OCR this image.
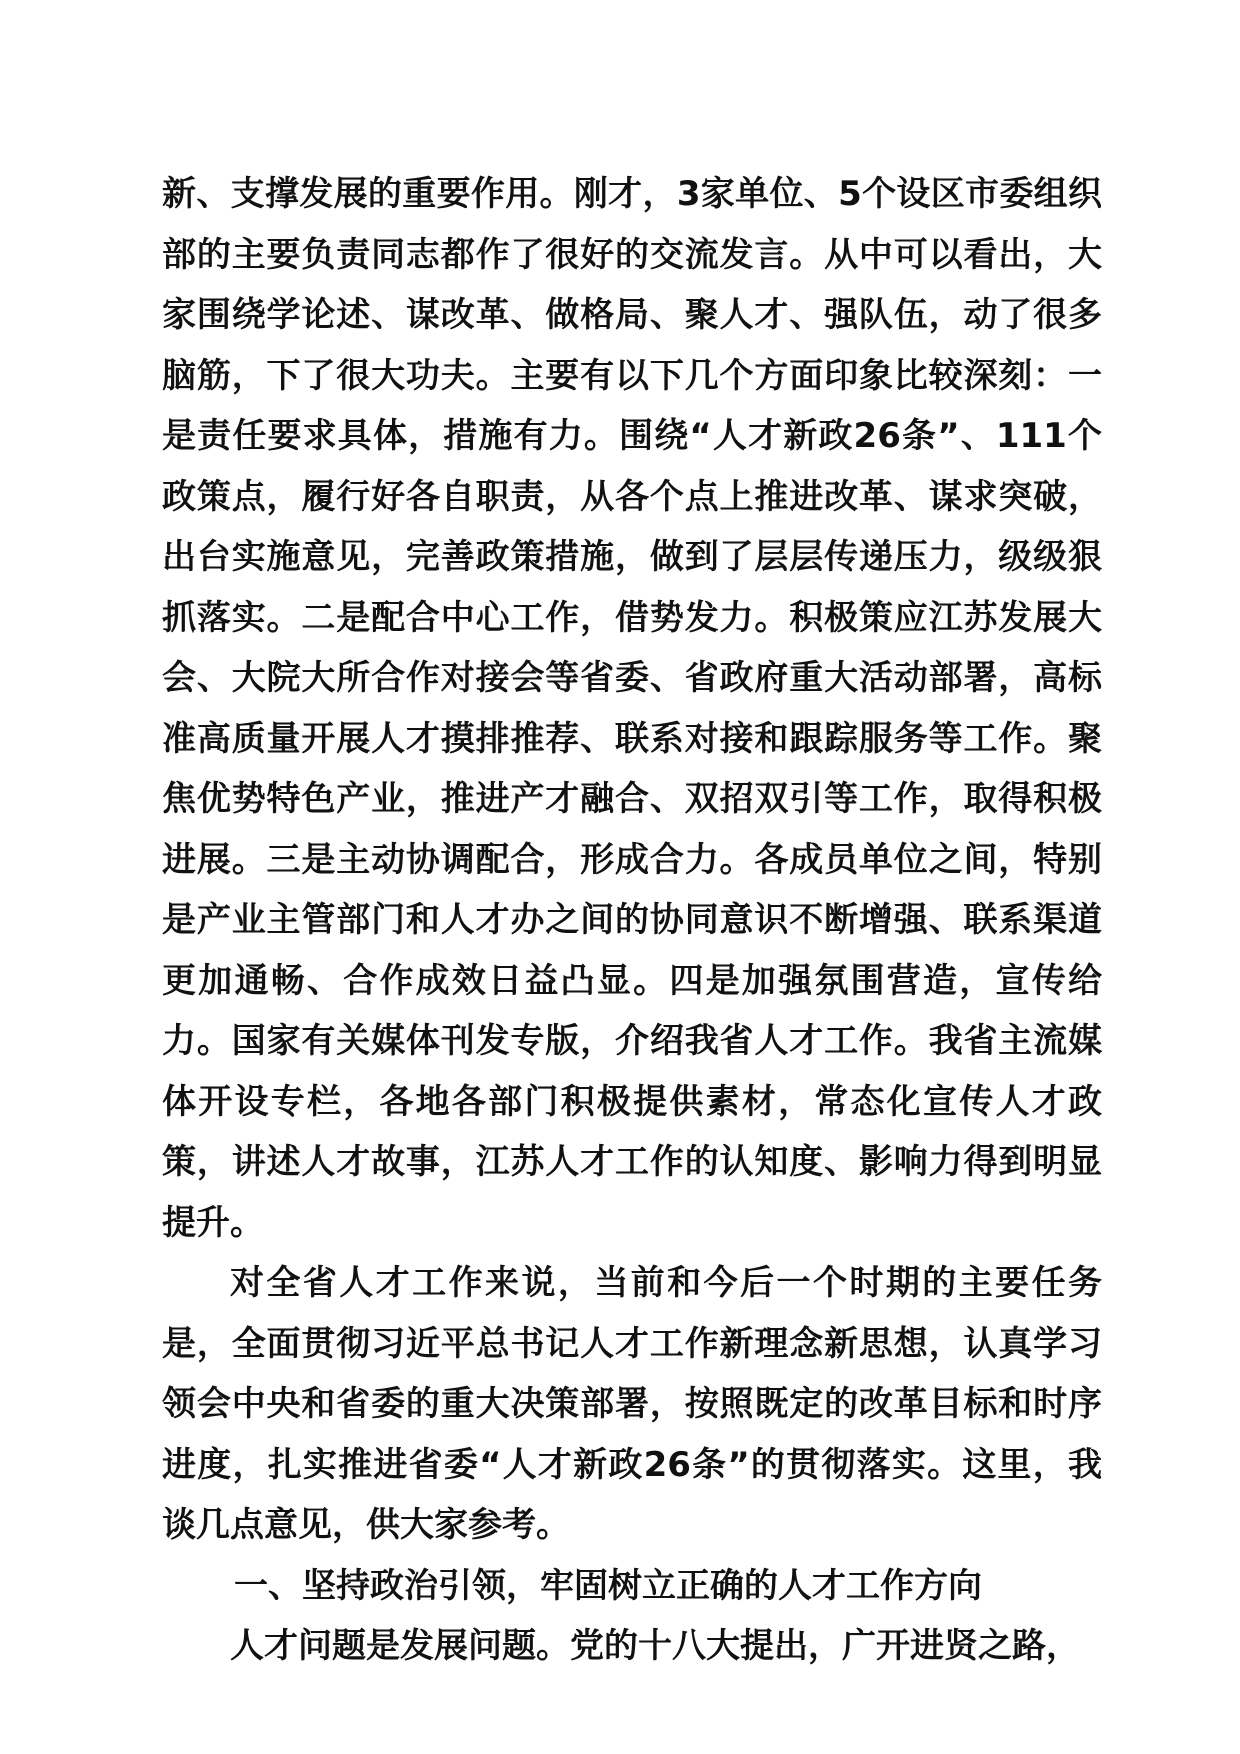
新、支撑发展的重要作用。刚才，3家单位、5个设区市委组织部的主要负责同志都作了很好的交流发言。从中可以看出，大家围绕学论述、谋改革、做格局、聚人才、强队伍，动了很多脑筋，下了很大功夫。主要有以下几个方面印象比较深刻：一是责任要求具体，措施有力。围绕“人才新政26条”、111个政策点，履行好各自职责，从各个点上推进改革、谋求突破，出台实施意见，完善政策措施，做到了层层传递压力，级级狠抓落实。二是配合中心工作，借势发力。积极策应江苏发展大会、大院大所合作对接会等省委、省政府重大活动部署，高标准高质量开展人才摸排推荐、联系对接和跟踪服务等工作。聚焦优势特色产业，推进产才融合、双招双引等工作，取得积极进展。三是主动协调配合，形成合力。各成员单位之间，特别是产业主管部门和人才办之间的协同意识不断增强、联系渠道更加通畅、合作成效日益凸显。四是加强氛围营造，宣传给力。国家有关媒体刊发专版，介绍我省人才工作。我省主流媒体开设专栏，各地各部门积极提供素材，常态化宣传人才政策，讲述人才故事，江苏人才工作的认知度、影响力得到明显提升。

对全省人才工作来说，当前和今后一个时期的主要任务是，全面贯彻习近平总书记人才工作新理念新思想，认真学习领会中央和省委的重大决策部署，按照既定的改革目标和时序进度，扎实推进省委“人才新政26条”的贯彻落实。这里，我谈几点意见，供大家参考。

一、坚持政治引领，牢固树立正确的人才工作方向

人才问题是发展问题。党的十八大提出，广开进贤之路，
